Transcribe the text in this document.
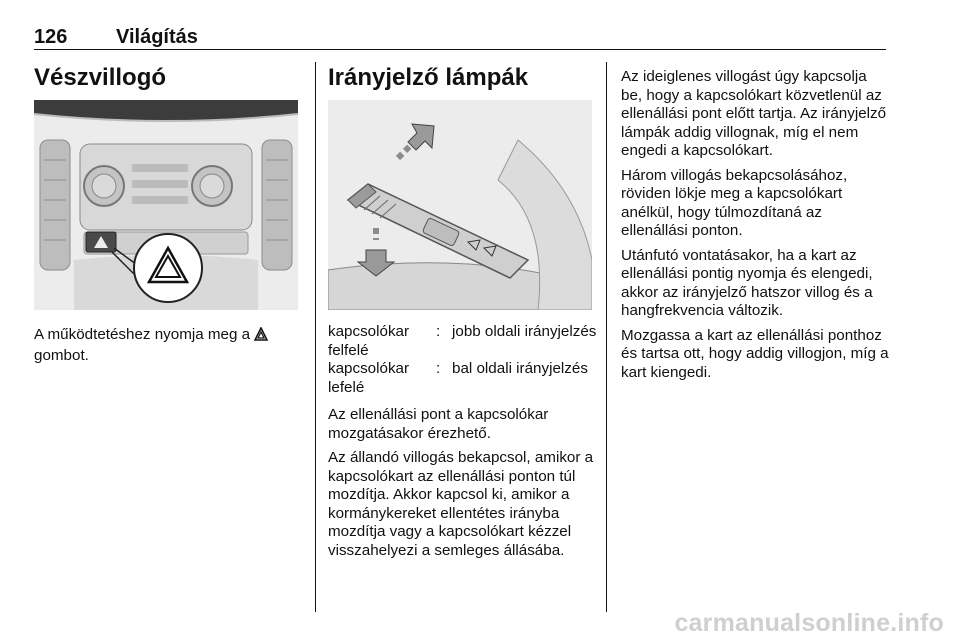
126 Világítás
Vészvillogó

A működtetéshez nyomja meg a
gombot.

Irányjelző lámpák
kapcsolókar felfelé	:	jobb oldali irányjelzés
kapcsolókar lefelé	:	bal oldali irányjelzés

Az ellenállási pont a kapcsolókar mozgatásakor érezhető.

Az állandó villogás bekapcsol, amikor a kapcsolókart az ellenállási ponton túl mozdítja. Akkor kapcsol ki, amikor a kormánykereket ellentétes irányba mozdítja vagy a kapcsolókart kézzel visszahelyezi a semleges állásába.

Az ideiglenes villogást úgy kapcsolja be, hogy a kapcsolókart közvetlenül az ellenállási pont előtt tartja. Az irányjelző lámpák addig villognak, míg el nem engedi a kapcsolókart.

Három villogás bekapcsolásához, röviden lökje meg a kapcsolókart anélkül, hogy túlmozdítaná az ellenállási ponton.

Utánfutó vontatásakor, ha a kart az ellenállási pontig nyomja és elengedi, akkor az irányjelző hatszor villog és a hangfrekvencia változik.

Mozgassa a kart az ellenállási ponthoz és tartsa ott, hogy addig villogjon, míg a kart kiengedi.

carmanualsonline.info
